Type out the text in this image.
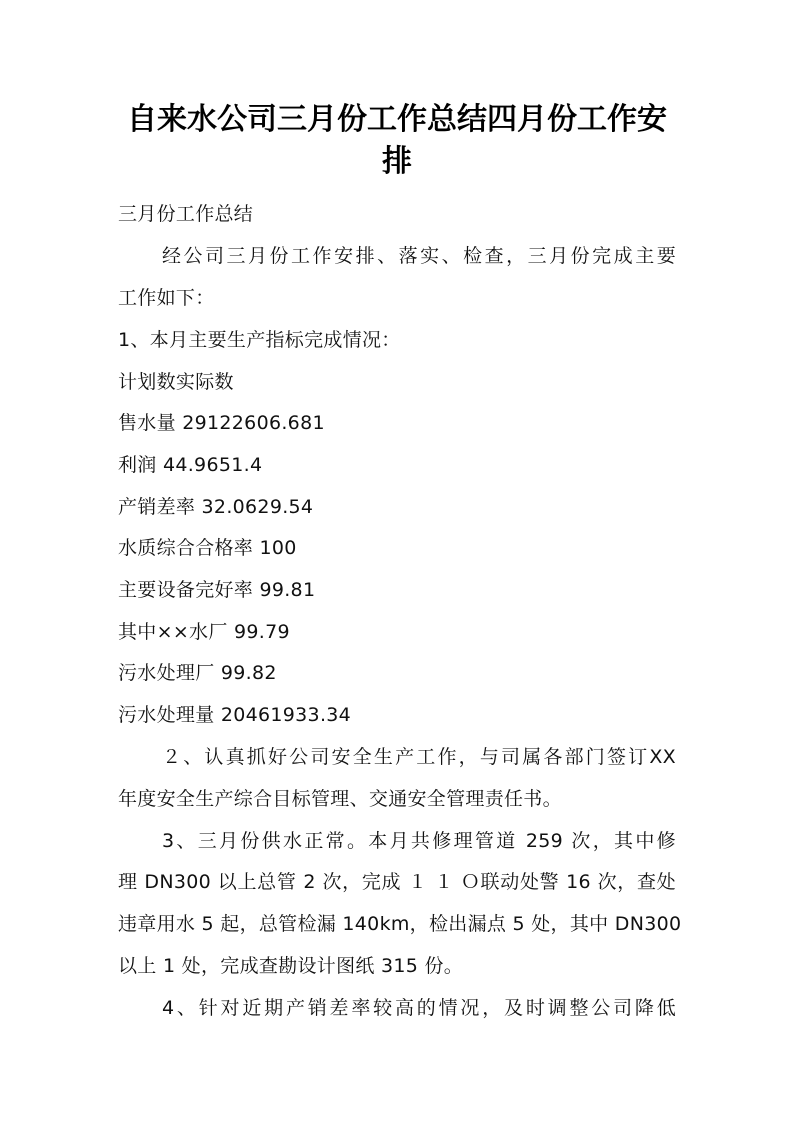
自来水公司三月份工作总结四月份工作安
排
三月份工作总结
经公司三月份工作安排、落实、检查，三月份完成主要
工作如下：
1、本月主要生产指标完成情况：
计划数实际数
售水量 29122606.681
利润 44.9651.4
产销差率 32.0629.54
水质综合合格率 100
主要设备完好率 99.81
其中××水厂 99.79
污水处理厂 99.82
污水处理量 20461933.34
２、认真抓好公司安全生产工作，与司属各部门签订XX
年度安全生产综合目标管理、交通安全管理责任书。
3、三月份供水正常。本月共修理管道 259 次，其中修
理 DN300 以上总管 2 次，完成 １ １ Ｏ联动处警 16 次，查处
违章用水 5 起，总管检漏 140km，检出漏点 5 处，其中 DN300
以上 1 处，完成查勘设计图纸 315 份。
4、针对近期产销差率较高的情况，及时调整公司降低
